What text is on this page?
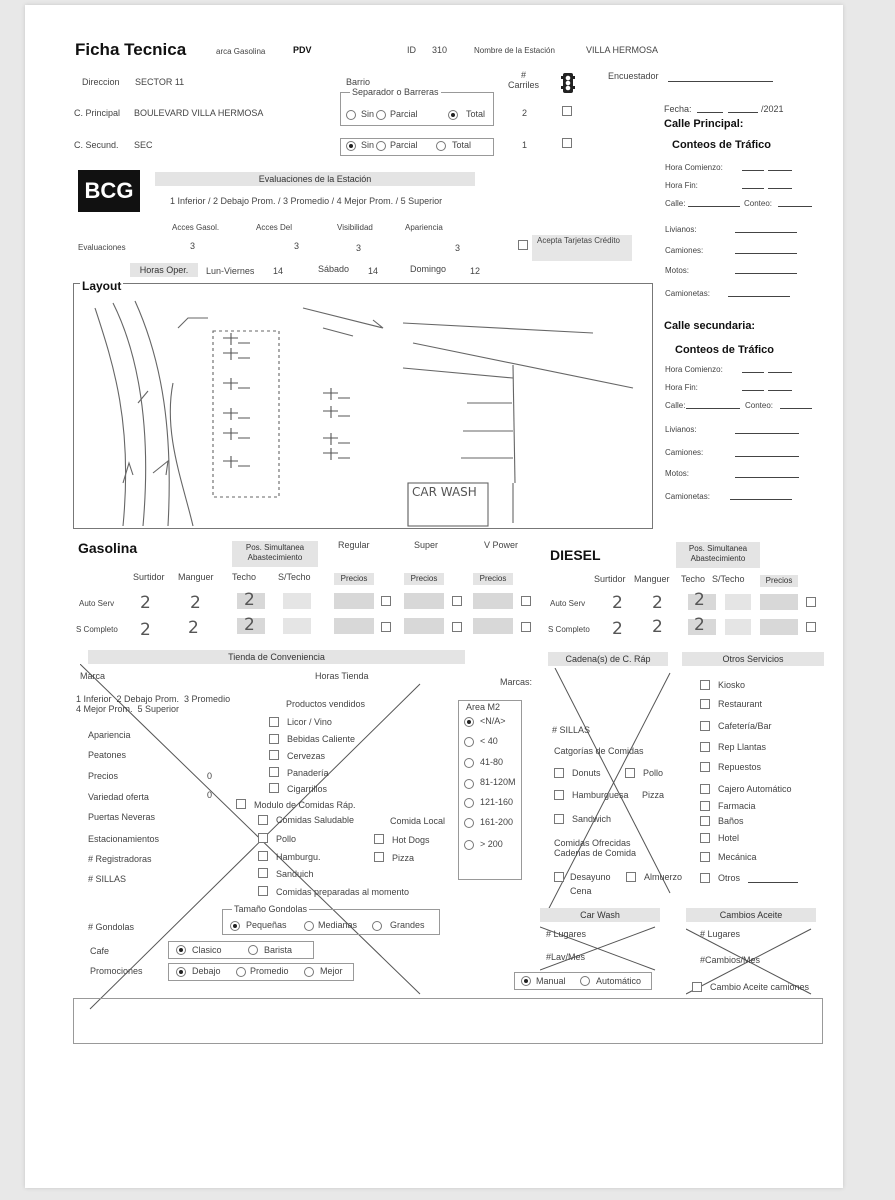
Ficha Tecnica	arca Gasolina	PDV	ID 310	Nombre de la Estación	VILLA HERMOSA
Encuestador
Direccion SECTOR 11
C. Principal BOULEVARD VILLA HERMOSA
C. Secund. SEC
Barrio
Separador o Barreras
Sin Parcial	Total
Sin Parcial	Total
#
Carriles
2
1
Fecha:	/2021
Calle Principal:
Conteos de Tráfico
Hora Comienzo:
Hora Fin:
Calle:	Conteo:
Livianos:
Camiones:
Motos:
Camionetas:
Calle secundaria:
Conteos de Tráfico
Hora Comienzo:
Hora Fin:
Calle:	Conteo:
Livianos:
Camiones:
Motos:
Camionetas:
BCG	Evaluaciones de la Estación
1 Inferior / 2 Debajo Prom. / 3 Promedio / 4 Mejor Prom. / 5 Superior
Acces Gasol.	Acces Del	Visibilidad	Apariencia
Evaluaciones	3	3	3	3
Acepta Tarjetas Crédito
Horas Oper.	Lun-Viernes 14	Sábado 14	Domingo	12
Layout
CAR WASH
Gasolina	Pos. Simultanea Abastecimiento
Regular	Super	V Power
Surtidor Manguer Techo S/Techo	Precios	Precios	Precios
Auto Serv 2 2	2
S Completo 2 2	2
DIESEL	Pos. Simultanea Abastecimiento
Surtidor Manguer Techo S/Techo	Precios
Auto Serv 2 2 2
S Completo 2 2 2
Tienda de Conveniencia
Marca	Horas Tienda
Marcas:
1 Inferior  2 Debajo Prom.  3 Promedio
4 Mejor Prom.  5 Superior
Apariencia
Peatones
Precios	0
Variedad oferta	0
Puertas Neveras
Estacionamientos
# Registradoras
# SILLAS
Productos vendidos
Licor / Vino
Bebidas Caliente
Cervezas
Panadería
Cigarrillos
Modulo de Comidas Ráp.
Comida Local
Comidas Saludable
Pollo	Hot Dogs
Hamburgu.	Pizza
Sanduich
Comidas preparadas al momento
Area M2
<N/A>
< 40
41-80
81-120M
121-160
161-200
> 200
Tamaño Gondolas
# Gondolas	Pequeñas	Medianas	Grandes
Cafe	Clasico	Barista
Promociones	Debajo	Promedio	Mejor
Cadena(s) de C. Ráp
# SILLAS
Catgorías de Comidas
Donuts	Pollo
Hamburguesa Pizza
Sandwich
Comidas Ofrecidas
Cadenas de Comida
Desayuno	Almuerzo
Cena
Otros Servicios
Kiosko
Restaurant
Cafetería/Bar
Rep Llantas
Repuestos
Cajero Automático
Farmacia
Baños
Hotel
Mecánica
Otros
Car Wash
# Lugares
#Lav/Mes
Manual	Automático
Cambios Aceite
# Lugares
#Cambios/Mes
Cambio Aceite camiones
